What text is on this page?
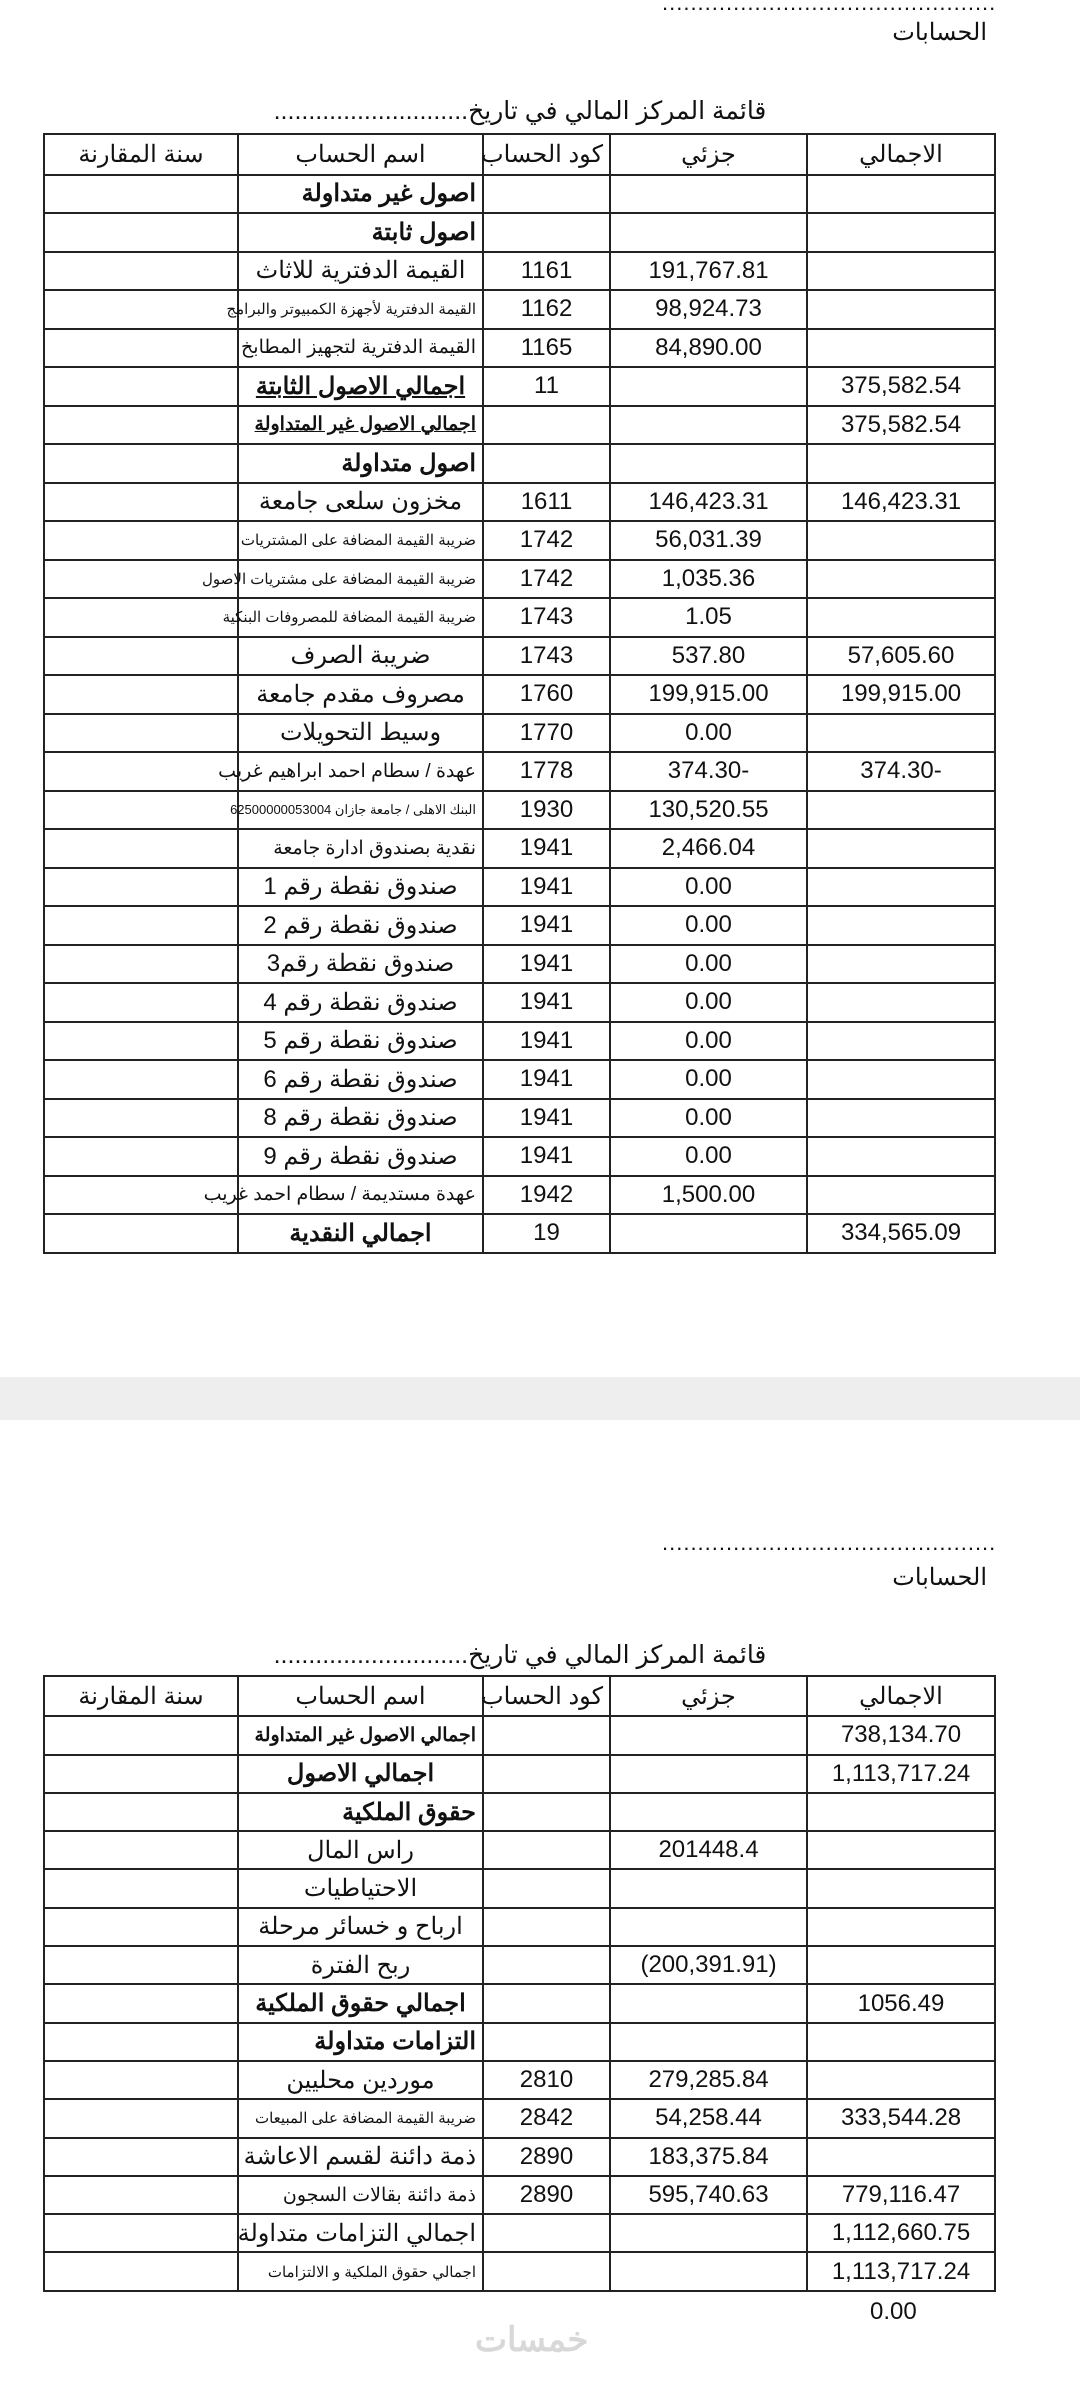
...............................................
الحسابات
قائمة المركز المالي في تاريخ............................
الاجمالي	جزئي	كود الحساب	اسم الحساب	سنة المقارنة
			اصول غير متداولة	
			اصول ثابتة	
	191,767.81	1161	القيمة الدفترية للاثاث	
	98,924.73	1162	القيمة الدفترية لأجهزة الكمبيوتر والبرامج	
	84,890.00	1165	القيمة الدفترية لتجهيز المطابخ	
375,582.54		11	اجمالي الاصول الثابتة	
375,582.54			اجمالي الاصول غير المتداولة	
			اصول متداولة	
146,423.31	146,423.31	1611	مخزون سلعى جامعة	
	56,031.39	1742	ضريبة القيمة المضافة على المشتريات	
	1,035.36	1742	ضريبة القيمة المضافة على مشتريات الاصول	
	1.05	1743	ضريبة القيمة المضافة للمصروفات البنكية	
57,605.60	537.80	1743	ضريبة الصرف	
199,915.00	199,915.00	1760	مصروف مقدم جامعة	
	0.00	1770	وسيط التحويلات	
-374.30	-374.30	1778	عهدة / سطام احمد ابراهيم غريب	
	130,520.55	1930	البنك الاهلى / جامعة جازان 62500000053004	
	2,466.04	1941	نقدية بصندوق ادارة جامعة	
	0.00	1941	صندوق نقطة رقم 1	
	0.00	1941	صندوق نقطة رقم 2	
	0.00	1941	صندوق نقطة رقم3	
	0.00	1941	صندوق نقطة رقم 4	
	0.00	1941	صندوق نقطة رقم 5	
	0.00	1941	صندوق نقطة رقم 6	
	0.00	1941	صندوق نقطة رقم 8	
	0.00	1941	صندوق نقطة رقم 9	
	1,500.00	1942	عهدة مستديمة / سطام احمد غريب	
334,565.09		19	اجمالي النقدية	
...............................................
الحسابات
قائمة المركز المالي في تاريخ............................
الاجمالي	جزئي	كود الحساب	اسم الحساب	سنة المقارنة
738,134.70			اجمالي الاصول غير المتداولة	
1,113,717.24			اجمالي الاصول	
			حقوق الملكية	
	201448.4		راس المال	
			الاحتياطيات	
			ارباح و خسائر مرحلة	
	(200,391.91)		ربح الفترة	
1056.49			اجمالي حقوق الملكية	
			التزامات متداولة	
	279,285.84	2810	موردين محليين	
333,544.28	54,258.44	2842	ضريبة القيمة المضافة على المبيعات	
	183,375.84	2890	ذمة دائنة لقسم الاعاشة	
779,116.47	595,740.63	2890	ذمة دائنة بقالات السجون	
1,112,660.75			اجمالي التزامات متداولة	
1,113,717.24			اجمالي حقوق الملكية و الالتزامات	
0.00
خمسات
